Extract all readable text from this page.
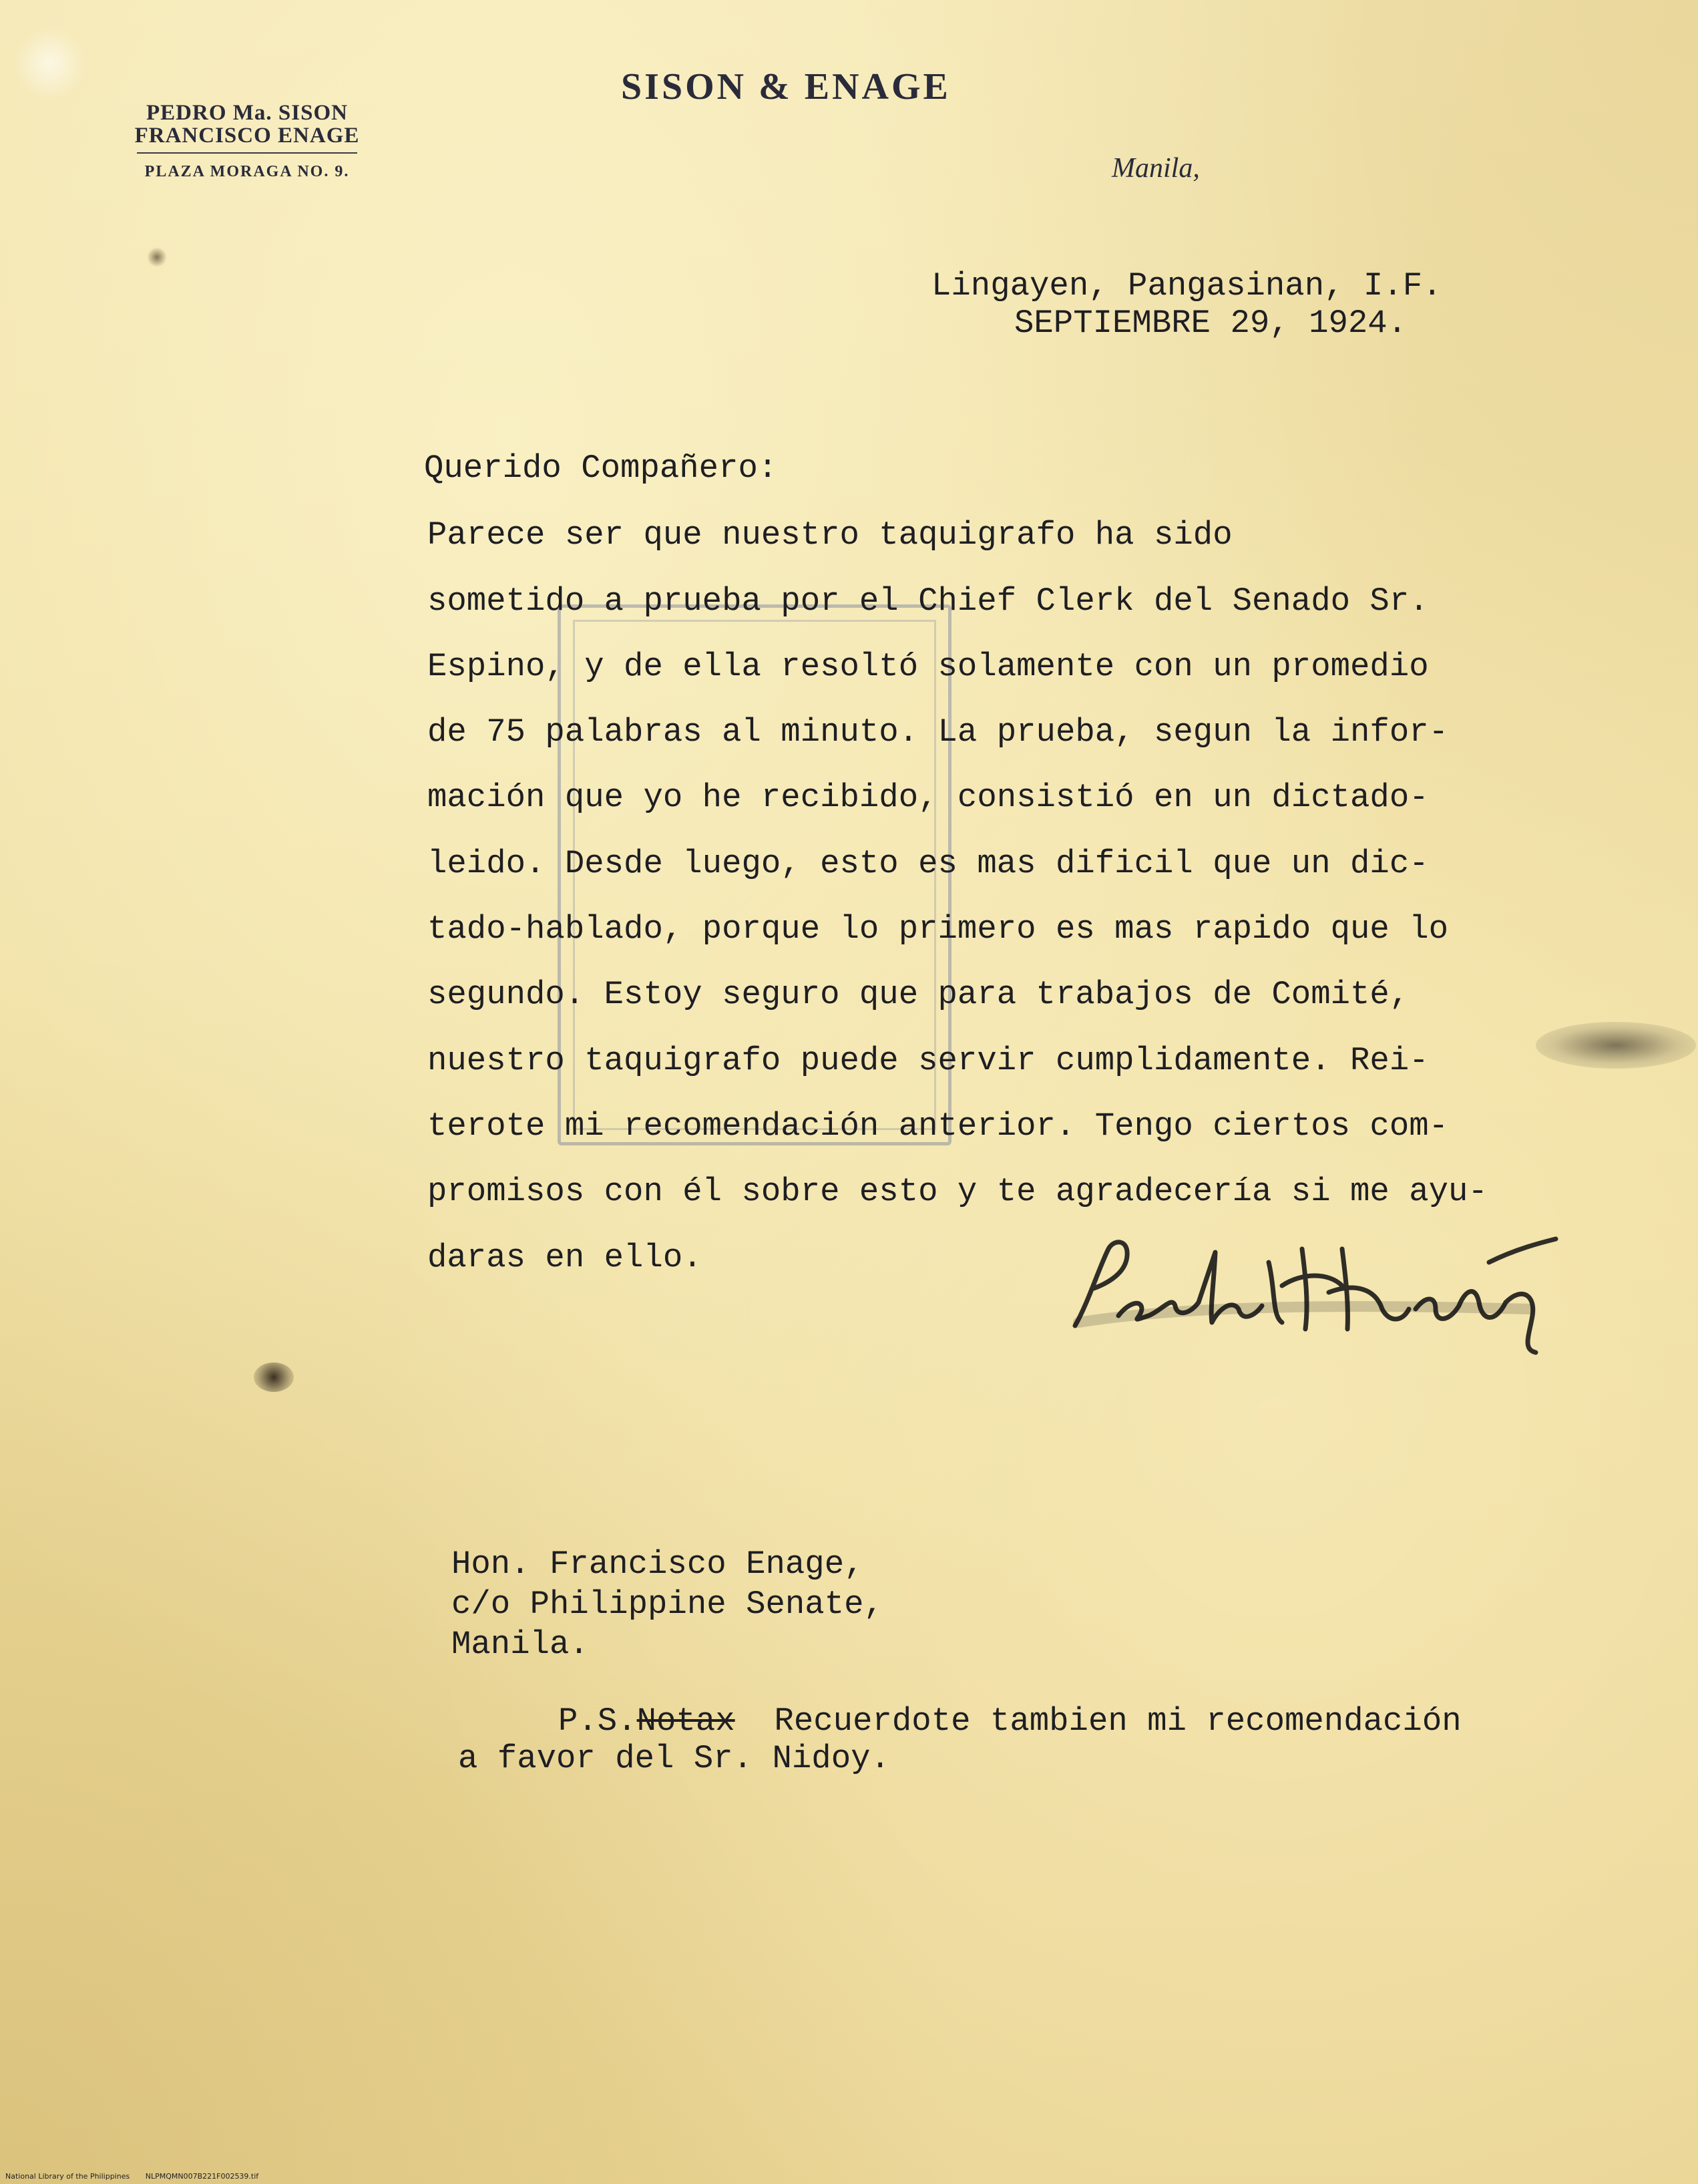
SISON & ENAGE
PEDRO Ma. SISON
FRANCISCO ENAGE
PLAZA MORAGA NO. 9.	Manila,
Lingayen, Pangasinan, I.F.
SEPTIEMBRE 29, 1924.
Querido Compañero:
Parece ser que nuestro taquigrafo ha sido
sometido a prueba por el Chief Clerk del Senado Sr.
Espino, y de ella resoltó solamente con un promedio
de 75 palabras al minuto. La prueba, segun la infor-
mación que yo he recibido, consistió en un dictado-
leido. Desde luego, esto es mas dificil que un dic-
tado-hablado, porque lo primero es mas rapido que lo
segundo. Estoy seguro que para trabajos de Comité,
nuestro taquigrafo puede servir cumplidamente. Rei-
terote mi recomendación anterior. Tengo ciertos com-
promisos con él sobre esto y te agradecería si me ayu-
daras en ello.
Pedro Ma Sison
Hon. Francisco Enage,
c/o Philippine Senate,
Manila.
P.S.Notax Recuerdote tambien mi recomendación
a favor del Sr. Nidoy.
National Library of the Philippines NLPMQMN007B221F002539.tif
